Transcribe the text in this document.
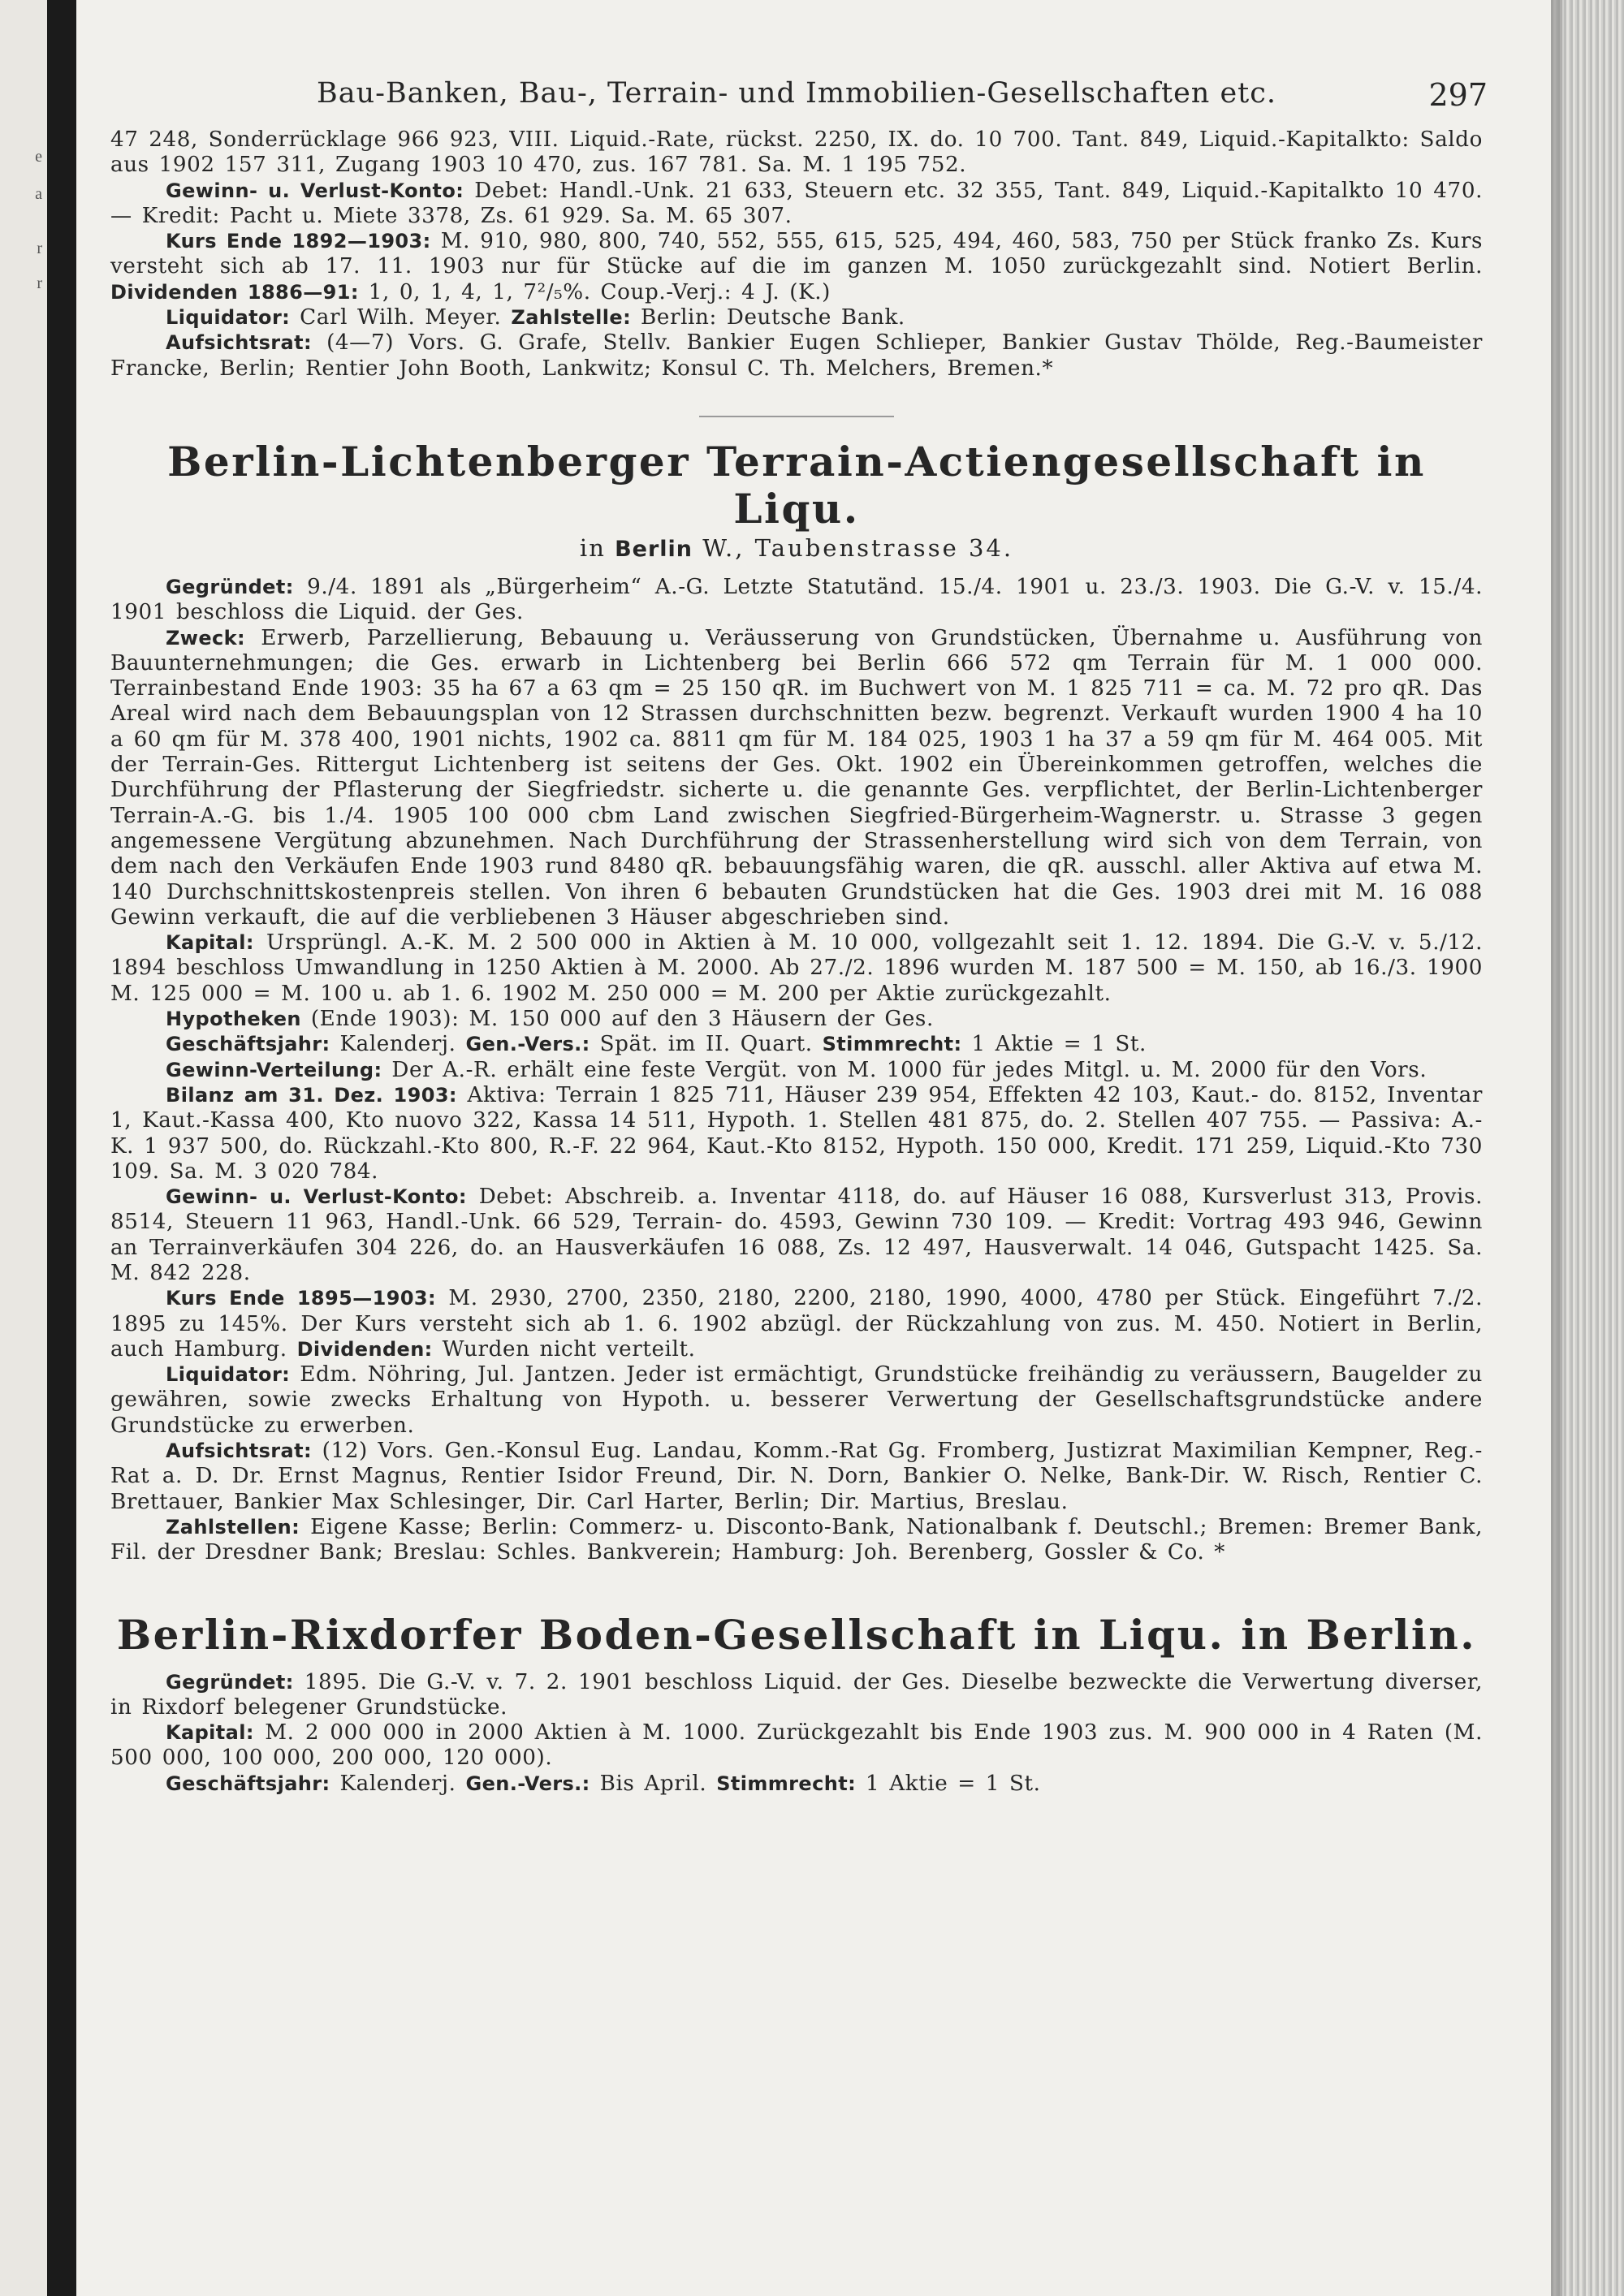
e
a
r
r
Bau-Banken, Bau-, Terrain- und Immobilien-Gesellschaften etc.	297

47 248, Sonderrücklage 966 923, VIII. Liquid.-Rate, rückst. 2250, IX. do. 10 700. Tant. 849, Liquid.-Kapitalkto: Saldo aus 1902 157 311, Zugang 1903 10 470, zus. 167 781. Sa. M. 1 195 752.

Gewinn- u. Verlust-Konto: Debet: Handl.-Unk. 21 633, Steuern etc. 32 355, Tant. 849, Liquid.-Kapitalkto 10 470. — Kredit: Pacht u. Miete 3378, Zs. 61 929. Sa. M. 65 307.

Kurs Ende 1892—1903: M. 910, 980, 800, 740, 552, 555, 615, 525, 494, 460, 583, 750 per Stück franko Zs. Kurs versteht sich ab 17. 11. 1903 nur für Stücke auf die im ganzen M. 1050 zurückgezahlt sind. Notiert Berlin. Dividenden 1886—91: 1, 0, 1, 4, 1, 7²/₅%. Coup.-Verj.: 4 J. (K.)

Liquidator: Carl Wilh. Meyer. Zahlstelle: Berlin: Deutsche Bank.

Aufsichtsrat: (4—7) Vors. G. Grafe, Stellv. Bankier Eugen Schlieper, Bankier Gustav Thölde, Reg.-Baumeister Francke, Berlin; Rentier John Booth, Lankwitz; Konsul C. Th. Melchers, Bremen.*

Berlin-Lichtenberger Terrain-Actiengesellschaft in Liqu.
in Berlin W., Taubenstrasse 34.

Gegründet: 9./4. 1891 als „Bürgerheim“ A.-G. Letzte Statutänd. 15./4. 1901 u. 23./3. 1903. Die G.-V. v. 15./4. 1901 beschloss die Liquid. der Ges.

Zweck: Erwerb, Parzellierung, Bebauung u. Veräusserung von Grundstücken, Übernahme u. Ausführung von Bauunternehmungen; die Ges. erwarb in Lichtenberg bei Berlin 666 572 qm Terrain für M. 1 000 000. Terrainbestand Ende 1903: 35 ha 67 a 63 qm = 25 150 qR. im Buchwert von M. 1 825 711 = ca. M. 72 pro qR. Das Areal wird nach dem Bebauungsplan von 12 Strassen durchschnitten bezw. begrenzt. Verkauft wurden 1900 4 ha 10 a 60 qm für M. 378 400, 1901 nichts, 1902 ca. 8811 qm für M. 184 025, 1903 1 ha 37 a 59 qm für M. 464 005. Mit der Terrain-Ges. Rittergut Lichtenberg ist seitens der Ges. Okt. 1902 ein Übereinkommen getroffen, welches die Durchführung der Pflasterung der Siegfriedstr. sicherte u. die genannte Ges. verpflichtet, der Berlin-Lichtenberger Terrain-A.-G. bis 1./4. 1905 100 000 cbm Land zwischen Siegfried-Bürgerheim-Wagnerstr. u. Strasse 3 gegen angemessene Vergütung abzunehmen. Nach Durchführung der Strassenherstellung wird sich von dem Terrain, von dem nach den Verkäufen Ende 1903 rund 8480 qR. bebauungsfähig waren, die qR. ausschl. aller Aktiva auf etwa M. 140 Durchschnittskostenpreis stellen. Von ihren 6 bebauten Grundstücken hat die Ges. 1903 drei mit M. 16 088 Gewinn verkauft, die auf die verbliebenen 3 Häuser abgeschrieben sind.

Kapital: Ursprüngl. A.-K. M. 2 500 000 in Aktien à M. 10 000, vollgezahlt seit 1. 12. 1894. Die G.-V. v. 5./12. 1894 beschloss Umwandlung in 1250 Aktien à M. 2000. Ab 27./2. 1896 wurden M. 187 500 = M. 150, ab 16./3. 1900 M. 125 000 = M. 100 u. ab 1. 6. 1902 M. 250 000 = M. 200 per Aktie zurückgezahlt.

Hypotheken (Ende 1903): M. 150 000 auf den 3 Häusern der Ges.

Geschäftsjahr: Kalenderj. Gen.-Vers.: Spät. im II. Quart. Stimmrecht: 1 Aktie = 1 St.

Gewinn-Verteilung: Der A.-R. erhält eine feste Vergüt. von M. 1000 für jedes Mitgl. u. M. 2000 für den Vors.

Bilanz am 31. Dez. 1903: Aktiva: Terrain 1 825 711, Häuser 239 954, Effekten 42 103, Kaut.- do. 8152, Inventar 1, Kaut.-Kassa 400, Kto nuovo 322, Kassa 14 511, Hypoth. 1. Stellen 481 875, do. 2. Stellen 407 755. — Passiva: A.-K. 1 937 500, do. Rückzahl.-Kto 800, R.-F. 22 964, Kaut.-Kto 8152, Hypoth. 150 000, Kredit. 171 259, Liquid.-Kto 730 109. Sa. M. 3 020 784.

Gewinn- u. Verlust-Konto: Debet: Abschreib. a. Inventar 4118, do. auf Häuser 16 088, Kursverlust 313, Provis. 8514, Steuern 11 963, Handl.-Unk. 66 529, Terrain- do. 4593, Gewinn 730 109. — Kredit: Vortrag 493 946, Gewinn an Terrainverkäufen 304 226, do. an Hausverkäufen 16 088, Zs. 12 497, Hausverwalt. 14 046, Gutspacht 1425. Sa. M. 842 228.

Kurs Ende 1895—1903: M. 2930, 2700, 2350, 2180, 2200, 2180, 1990, 4000, 4780 per Stück. Eingeführt 7./2. 1895 zu 145%. Der Kurs versteht sich ab 1. 6. 1902 abzügl. der Rückzahlung von zus. M. 450. Notiert in Berlin, auch Hamburg. Dividenden: Wurden nicht verteilt.

Liquidator: Edm. Nöhring, Jul. Jantzen. Jeder ist ermächtigt, Grundstücke freihändig zu veräussern, Baugelder zu gewähren, sowie zwecks Erhaltung von Hypoth. u. besserer Verwertung der Gesellschaftsgrundstücke andere Grundstücke zu erwerben.

Aufsichtsrat: (12) Vors. Gen.-Konsul Eug. Landau, Komm.-Rat Gg. Fromberg, Justizrat Maximilian Kempner, Reg.-Rat a. D. Dr. Ernst Magnus, Rentier Isidor Freund, Dir. N. Dorn, Bankier O. Nelke, Bank-Dir. W. Risch, Rentier C. Brettauer, Bankier Max Schlesinger, Dir. Carl Harter, Berlin; Dir. Martius, Breslau.

Zahlstellen: Eigene Kasse; Berlin: Commerz- u. Disconto-Bank, Nationalbank f. Deutschl.; Bremen: Bremer Bank, Fil. der Dresdner Bank; Breslau: Schles. Bankverein; Hamburg: Joh. Berenberg, Gossler & Co. *

Berlin-Rixdorfer Boden-Gesellschaft in Liqu. in Berlin.

Gegründet: 1895. Die G.-V. v. 7. 2. 1901 beschloss Liquid. der Ges. Dieselbe bezweckte die Verwertung diverser, in Rixdorf belegener Grundstücke.

Kapital: M. 2 000 000 in 2000 Aktien à M. 1000. Zurückgezahlt bis Ende 1903 zus. M. 900 000 in 4 Raten (M. 500 000, 100 000, 200 000, 120 000).

Geschäftsjahr: Kalenderj. Gen.-Vers.: Bis April. Stimmrecht: 1 Aktie = 1 St.
